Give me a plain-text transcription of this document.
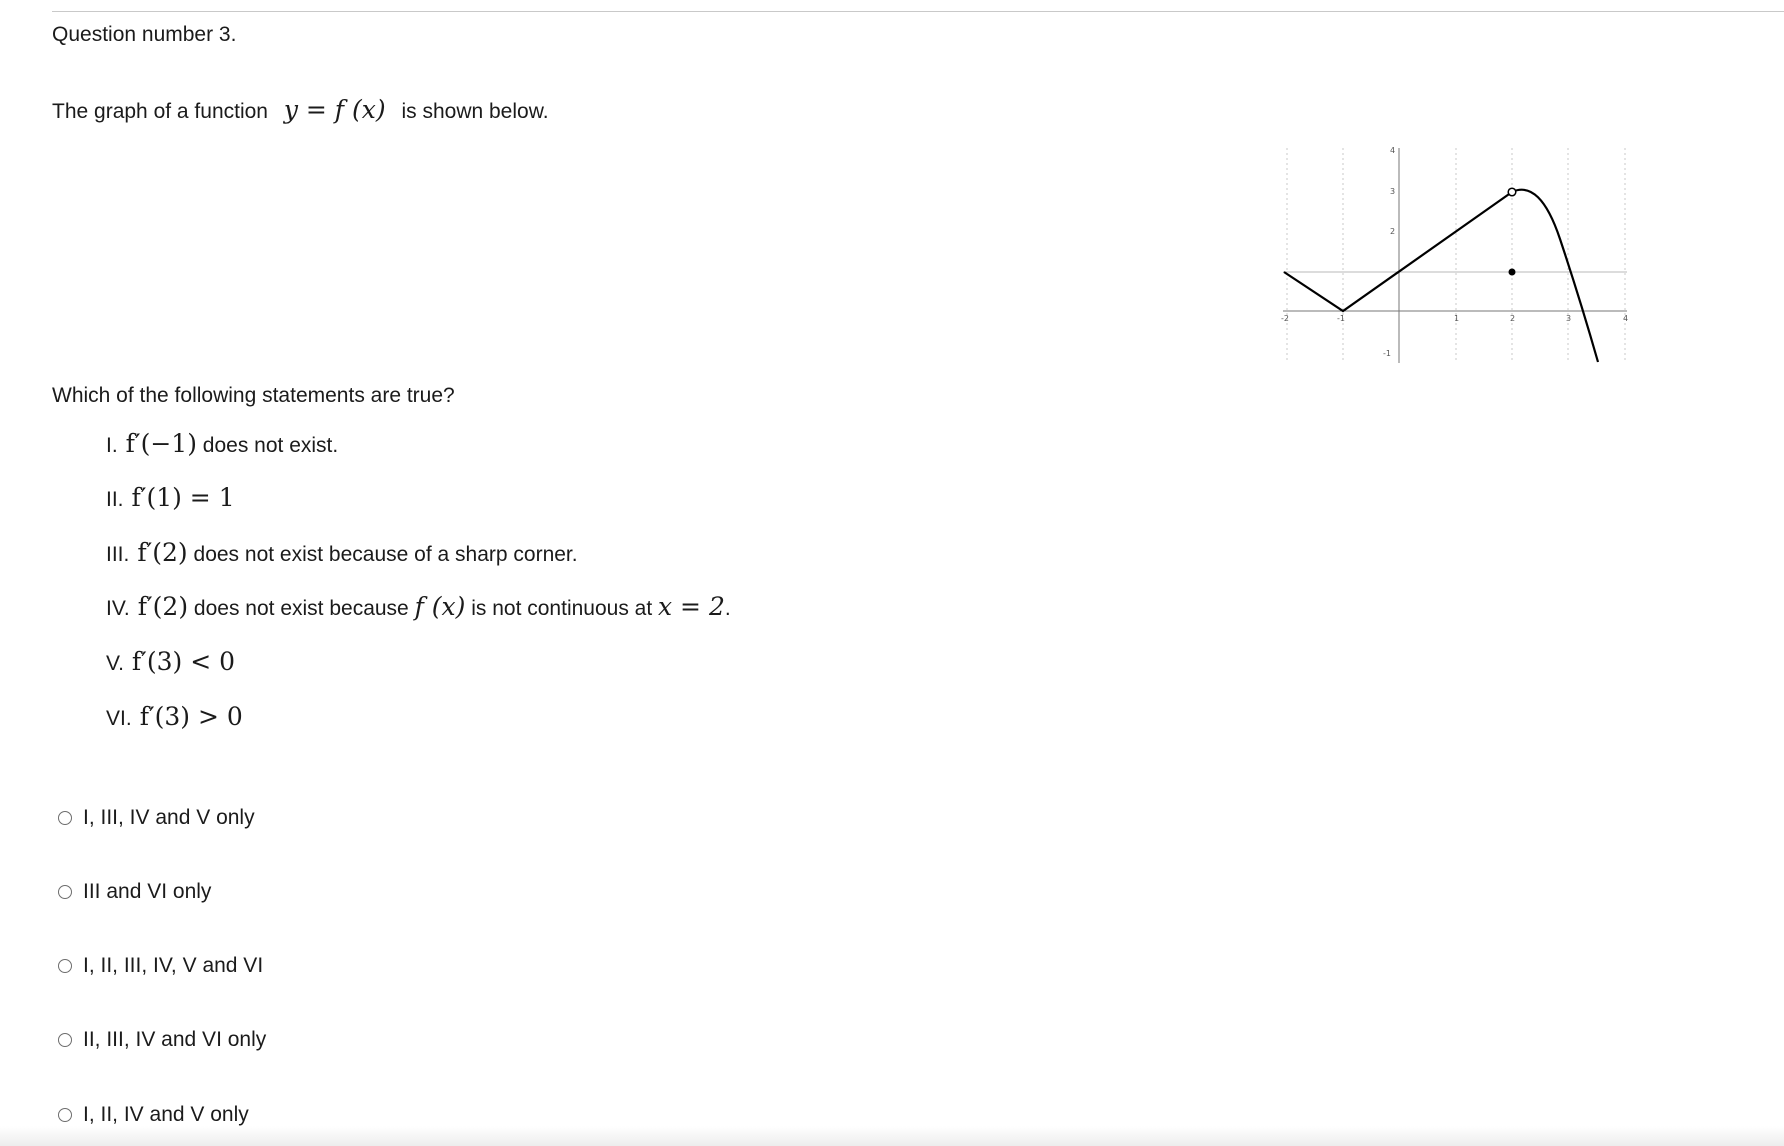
Question number 3.
The graph of a function y = f (x) is shown below.
-2	-1	1	2	3	4
4
3
2
-1
Which of the following statements are true?
I. f′(−1) does not exist.
II. f′(1) = 1
III. f′(2) does not exist because of a sharp corner.
IV. f′(2) does not exist because f (x) is not continuous at x = 2.
V. f′(3) < 0
VI. f′(3) > 0
I, III, IV and V only
III and VI only
I, II, III, IV, V and VI
II, III, IV and VI only
I, II, IV and V only
